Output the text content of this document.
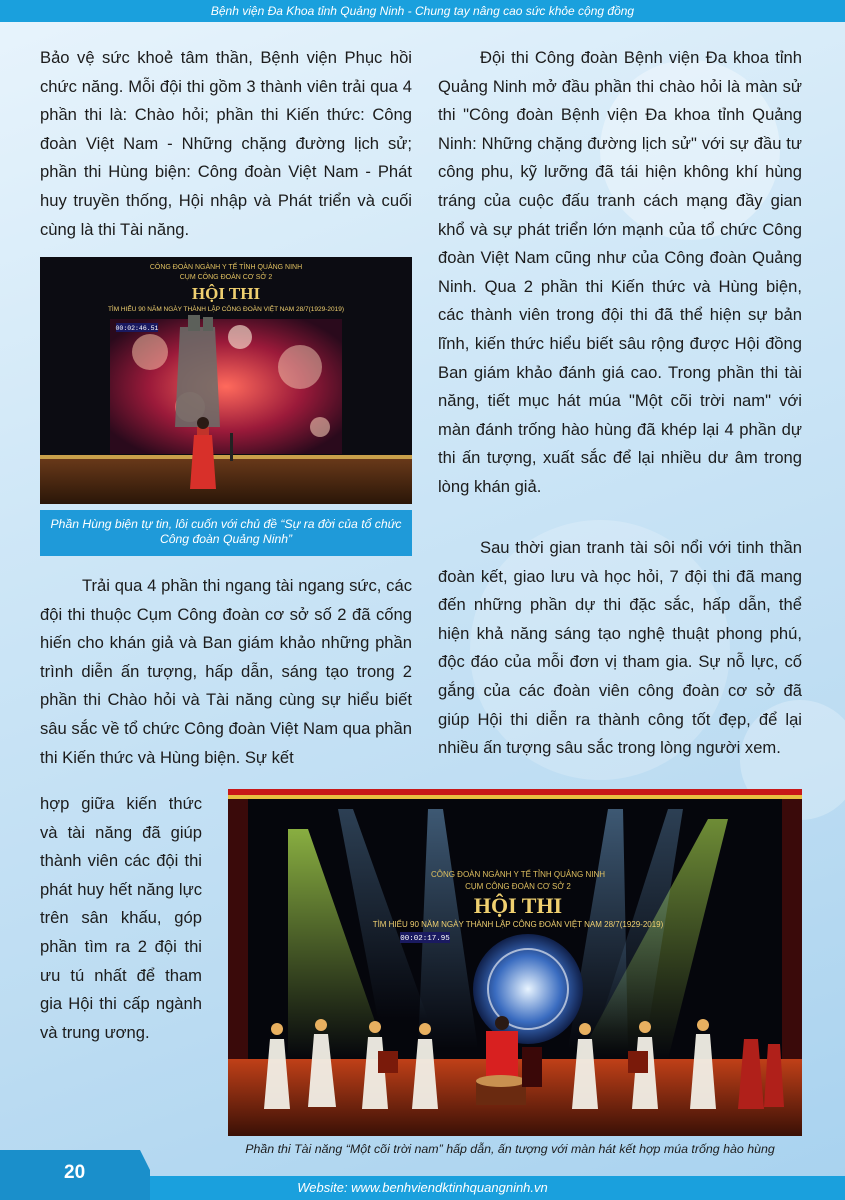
Bệnh viện Đa Khoa tỉnh Quảng Ninh - Chung tay nâng cao sức khỏe cộng đồng
Bảo vệ sức khoẻ tâm thần, Bệnh viện Phục hồi chức năng. Mỗi đội thi gồm 3 thành viên trải qua 4 phần thi là: Chào hỏi; phần thi Kiến thức: Công đoàn Việt Nam - Những chặng đường lịch sử; phần thi Hùng biện: Công đoàn Việt Nam - Phát huy truyền thống, Hội nhập và Phát triển và cuối cùng là thi Tài năng.
CÔNG ĐOÀN NGÀNH Y TẾ TỈNH QUẢNG NINH
CỤM CÔNG ĐOÀN CƠ SỞ 2
HỘI THI
TÌM HIỂU 90 NĂM NGÀY THÀNH LẬP CÔNG ĐOÀN VIỆT NAM 28/7(1929-2019)
00:02:46.51
Phần Hùng biện tự tin, lôi cuốn với chủ đề “Sự ra đời của tổ chức Công đoàn Quảng Ninh”
Trải qua 4 phần thi ngang tài ngang sức, các đội thi thuộc Cụm Công đoàn cơ sở số 2 đã cống hiến cho khán giả và Ban giám khảo những phần trình diễn ấn tượng, hấp dẫn, sáng tạo trong 2 phần thi Chào hỏi và Tài năng cùng sự hiểu biết sâu sắc về tổ chức Công đoàn Việt Nam qua phần thi Kiến thức và Hùng biện. Sự kết
hợp giữa kiến thức và tài năng đã giúp thành viên các đội thi phát huy hết năng lực trên sân khấu, góp phần tìm ra 2 đội thi ưu tú nhất để tham gia Hội thi cấp ngành và trung ương.
Đội thi Công đoàn Bệnh viện Đa khoa tỉnh Quảng Ninh mở đầu phần thi chào hỏi là màn sử thi "Công đoàn Bệnh viện Đa khoa tỉnh Quảng Ninh: Những chặng đường lịch sử" với sự đầu tư công phu, kỹ lưỡng đã tái hiện không khí hùng tráng của cuộc đấu tranh cách mạng đầy gian khổ và sự phát triển lớn mạnh của tổ chức Công đoàn Việt Nam cũng như của Công đoàn Quảng Ninh. Qua 2 phần thi Kiến thức và Hùng biện, các thành viên trong đội thi đã thể hiện sự bản lĩnh, kiến thức hiểu biết sâu rộng được Hội đồng Ban giám khảo đánh giá cao. Trong phần thi tài năng, tiết mục hát múa "Một cõi trời nam" với màn đánh trống hào hùng đã khép lại 4 phần dự thi ấn tượng, xuất sắc để lại nhiều dư âm trong lòng khán giả.
Sau thời gian tranh tài sôi nổi với tinh thần đoàn kết, giao lưu và học hỏi, 7 đội thi đã mang đến những phần dự thi đặc sắc, hấp dẫn, thể hiện khả năng sáng tạo nghệ thuật phong phú, độc đáo của mỗi đơn vị tham gia. Sự nỗ lực, cố gắng của các đoàn viên công đoàn cơ sở đã giúp Hội thi diễn ra thành công tốt đẹp, để lại nhiều ấn tượng sâu sắc trong lòng người xem.
CÔNG ĐOÀN NGÀNH Y TẾ TỈNH QUẢNG NINH
CỤM CÔNG ĐOÀN CƠ SỞ 2
HỘI THI
TÌM HIỂU 90 NĂM NGÀY THÀNH LẬP CÔNG ĐOÀN VIỆT NAM 28/7(1929-2019)
00:02:17.95
Phần thi Tài năng “Một cõi trời nam” hấp dẫn, ấn tượng với màn hát kết hợp múa trống hào hùng
20
Website: www.benhviendktinhquangninh.vn
